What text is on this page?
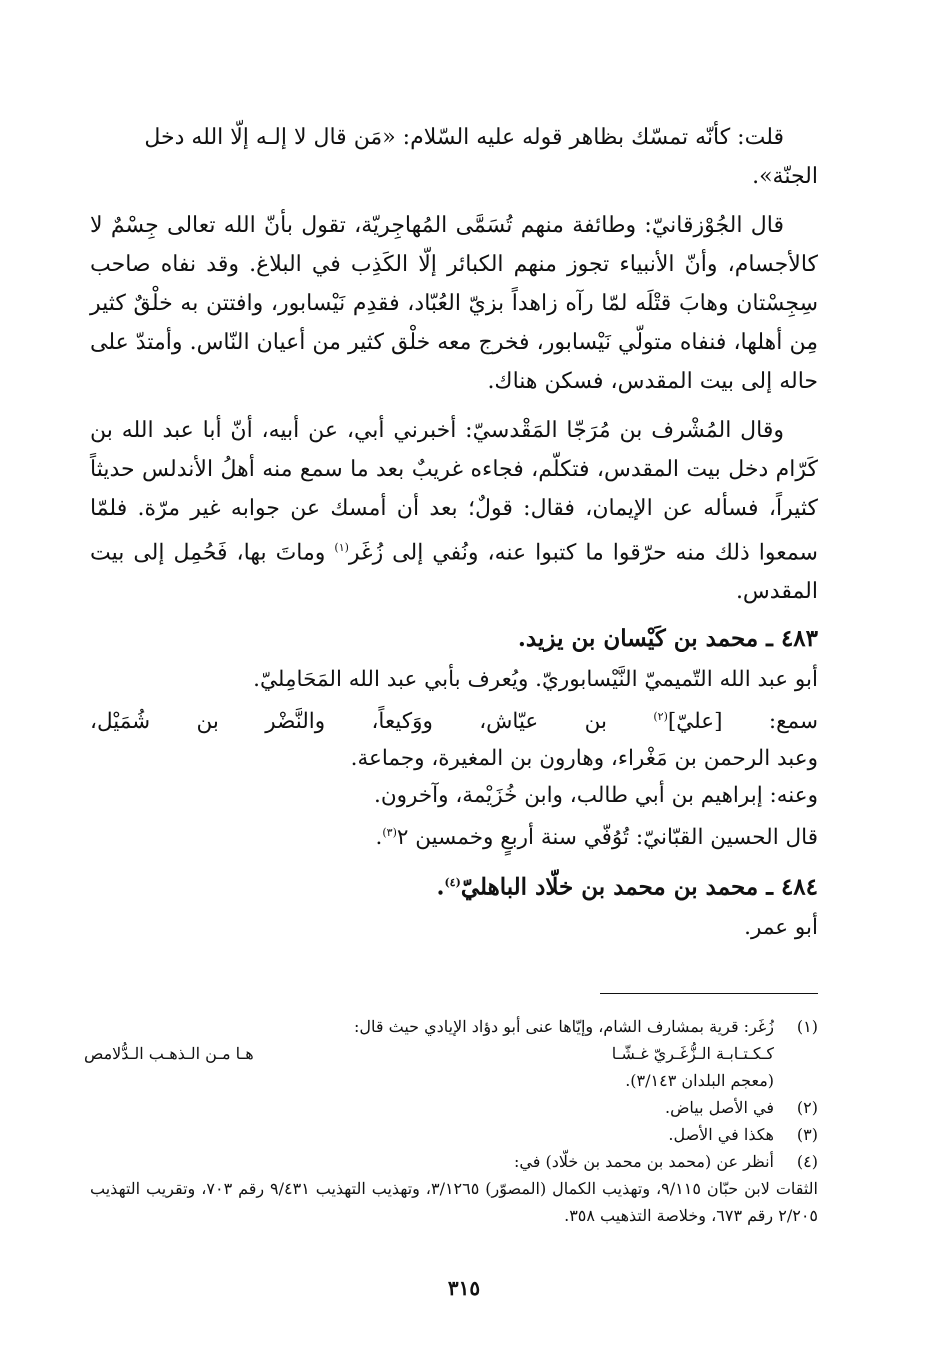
قلت: كأنّه تمسّك بظاهر قوله عليه السّلام: «مَن قال لا إلـه إلّا الله دخل
الجنّة».

قال الجُوْزقانيّ: وطائفة منهم تُسَمَّى المُهاجِريّة، تقول بأنّ الله تعالى جِسْمٌ لا كالأجسام، وأنّ الأنبياء تجوز منهم الكبائر إلّا الكَذِب في البلاغ. وقد نفاه صاحب سِجِسْتان وهابَ قتْلَه لمّا رآه زاهداً بزيّ العُبّاد، فقدِم نَيْسابور، وافتتن به خلْقٌ كثير مِن أهلها، فنفاه متولّي نَيْسابور، فخرج معه خلْق كثير من أعيان النّاس. وأمتدّ على حاله إلى بيت المقدس، فسكن هناك.

وقال المُشْرف بن مُرَجّا المَقْدسيّ: أخبرني أبي، عن أبيه، أنّ أبا عبد الله بن كَرّام دخل بيت المقدس، فتكلّم، فجاءه غريبٌ بعد ما سمع منه أهلُ الأندلس حديثاً كثيراً، فسأله عن الإيمان، فقال: قولٌ؛ بعد أن أمسك عن جوابه غير مرّة. فلمّا سمعوا ذلك منه حرّقوا ما كتبوا عنه، ونُفي إلى زُغَر$^{(١)}$ وماتَ بها، فَحُمِل إلى بيت المقدس.

٤٨٣ ـ محمد بن كَيْسان بن يزيد.

أبو عبد الله التّميميّ النَّيْسابوريّ. ويُعرف بأبي عبد الله المَحَامِليّ.

سمع: [عليّ]$^{(٢)}$ بن عيّاش، ووَكيعاً، والنَّضْر بن شُمَيْل،

وعبد الرحمن بن مَغْراء، وهارون بن المغيرة، وجماعة.

وعنه: إبراهيم بن أبي طالب، وابن خُزَيْمة، وآخرون.

قال الحسين القبّانيّ: تُوُفّي سنة أربعٍ وخمسين ٢$^{(٣)}$.

٤٨٤ ـ محمد بن محمد بن خلّاد الباهليّ$^{(٤)}$.

أبو عمر.

(١)
زُغَر: قرية بمشارف الشام، وإيّاها عنى أبو دؤاد الإيادي حيث قال:
كـكـتـابـة الـزُّغَـريّ غـشّـا
هـا مـن الـذهـب الـدُّلامص
(معجم البلدان ٣/١٤٣).
(٢)
في الأصل بياض.
(٣)
هكذا في الأصل.
(٤)
أنظر عن (محمد بن محمد بن خلّاد) في:
الثقات لابن حبّان ٩/١١٥، وتهذيب الكمال (المصوّر) ٣/١٢٦٥، وتهذيب التهذيب ٩/٤٣١ رقم ٧٠٣، وتقريب التهذيب ٢/٢٠٥ رقم ٦٧٣، وخلاصة التذهيب ٣٥٨.
٣١٥
